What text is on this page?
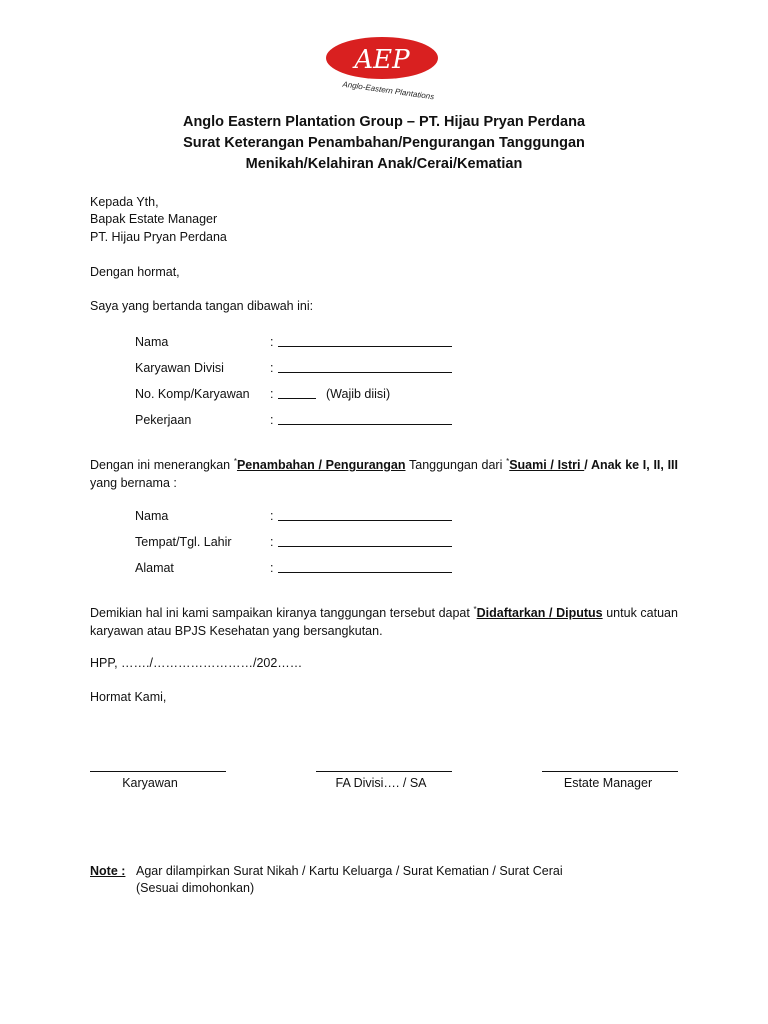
AEP
Anglo-Eastern Plantations
Anglo Eastern Plantation Group – PT. Hijau Pryan Perdana
Surat Keterangan Penambahan/Pengurangan Tanggungan
Menikah/Kelahiran Anak/Cerai/Kematian
Kepada Yth,
Bapak Estate Manager
PT. Hijau Pryan Perdana
Dengan hormat,
Saya yang bertanda tangan dibawah ini:
Nama	:
Karyawan Divisi	:
No. Komp/Karyawan :	(Wajib diisi)
Pekerjaan	:
Dengan ini menerangkan *Penambahan / Pengurangan Tanggungan dari *Suami / Istri / Anak ke I, II, III yang bernama :
Nama	:
Tempat/Tgl. Lahir	:
Alamat	:
Demikian hal ini kami sampaikan kiranya tanggungan tersebut dapat *Didaftarkan / Diputus untuk catuan karyawan atau BPJS Kesehatan yang bersangkutan.
HPP, ……./……………………/202……
Hormat Kami,
Karyawan	FA Divisi…. / SA	Estate Manager
Note : Agar dilampirkan Surat Nikah / Kartu Keluarga / Surat Kematian / Surat Cerai
(Sesuai dimohonkan)
